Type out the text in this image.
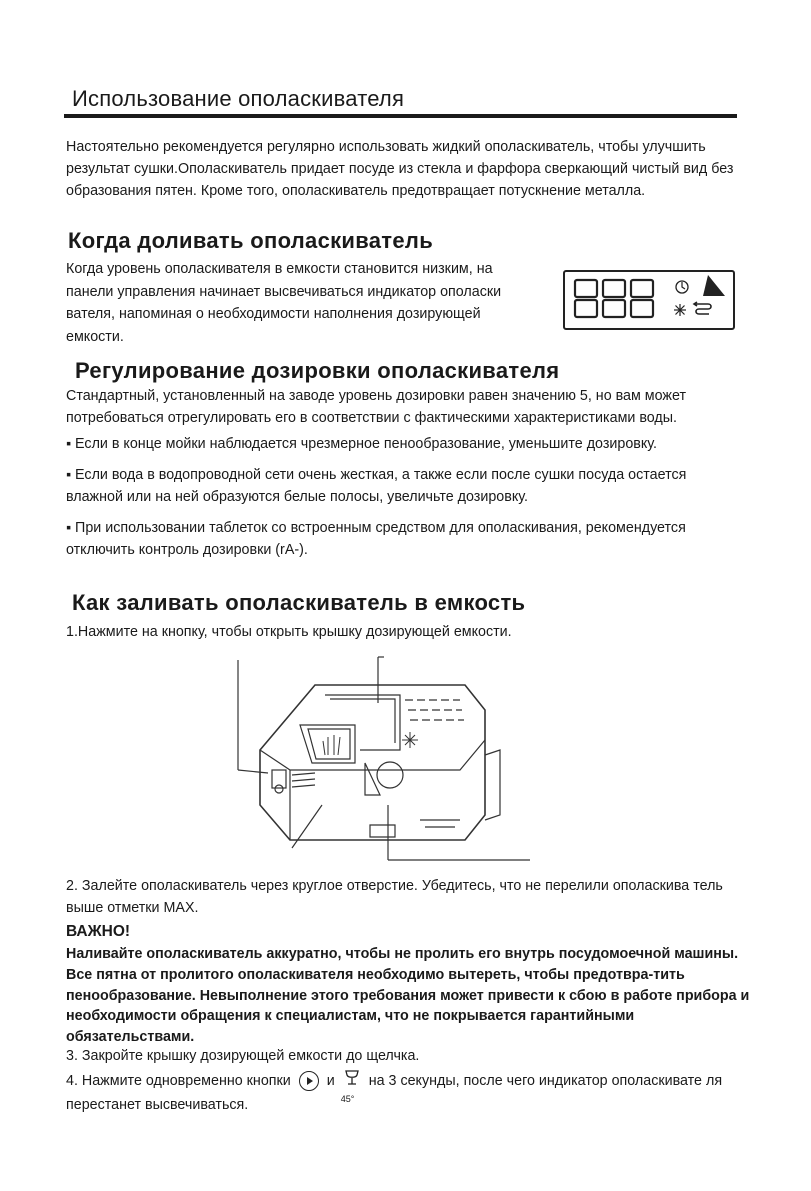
Использование ополаскивателя
Настоятельно рекомендуется регулярно использовать жидкий ополаскиватель, чтобы улучшить результат сушки.Ополаскиватель придает посуде из стекла и фарфора сверкающий чистый вид без образования пятен. Кроме того, ополаскиватель предотвращает потускнение металла.
Когда доливать ополаскиватель
Когда уровень ополаскивателя в емкости становится низким, на панели управления начинает высвечиваться индикатор ополаски вателя, напоминая о необходимости наполнения дозирующей емкости.
Регулирование дозировки ополаскивателя
Стандартный, установленный на заводе уровень дозировки равен значению 5, но вам может потребоваться отрегулировать его в соответствии с фактическими характеристиками воды.
▪ Если в конце мойки наблюдается чрезмерное пенообразование, уменьшите дозировку.
▪ Если вода в водопроводной сети очень жесткая, а также если после сушки посуда остается влажной или на ней образуются белые полосы, увеличьте дозировку.
▪ При использовании таблеток со встроенным средством для ополаскивания, рекомендуется отключить контроль дозировки (rA-).
Как заливать ополаскиватель в емкость
1.Нажмите на кнопку, чтобы открыть крышку дозирующей емкости.
2. Залейте ополаскиватель через круглое отверстие. Убедитесь, что не перелили ополаскива тель выше отметки MAX.
ВАЖНО!
Наливайте ополаскиватель аккуратно, чтобы не пролить его внутрь посудомоечной машины. Все пятна от пролитого ополаскивателя необходимо вытереть, чтобы предотвра-тить пенообразование. Невыполнение этого требования может привести к сбою в работе прибора и необходимости обращения к специалистам, что не покрывается гарантийными обязательствами.
3. Закройте крышку дозирующей емкости до щелчка.
4. Нажмите одновременно кнопки	и
45°
на 3 секунды, после чего индикатор ополаскивате ля перестанет высвечиваться.
